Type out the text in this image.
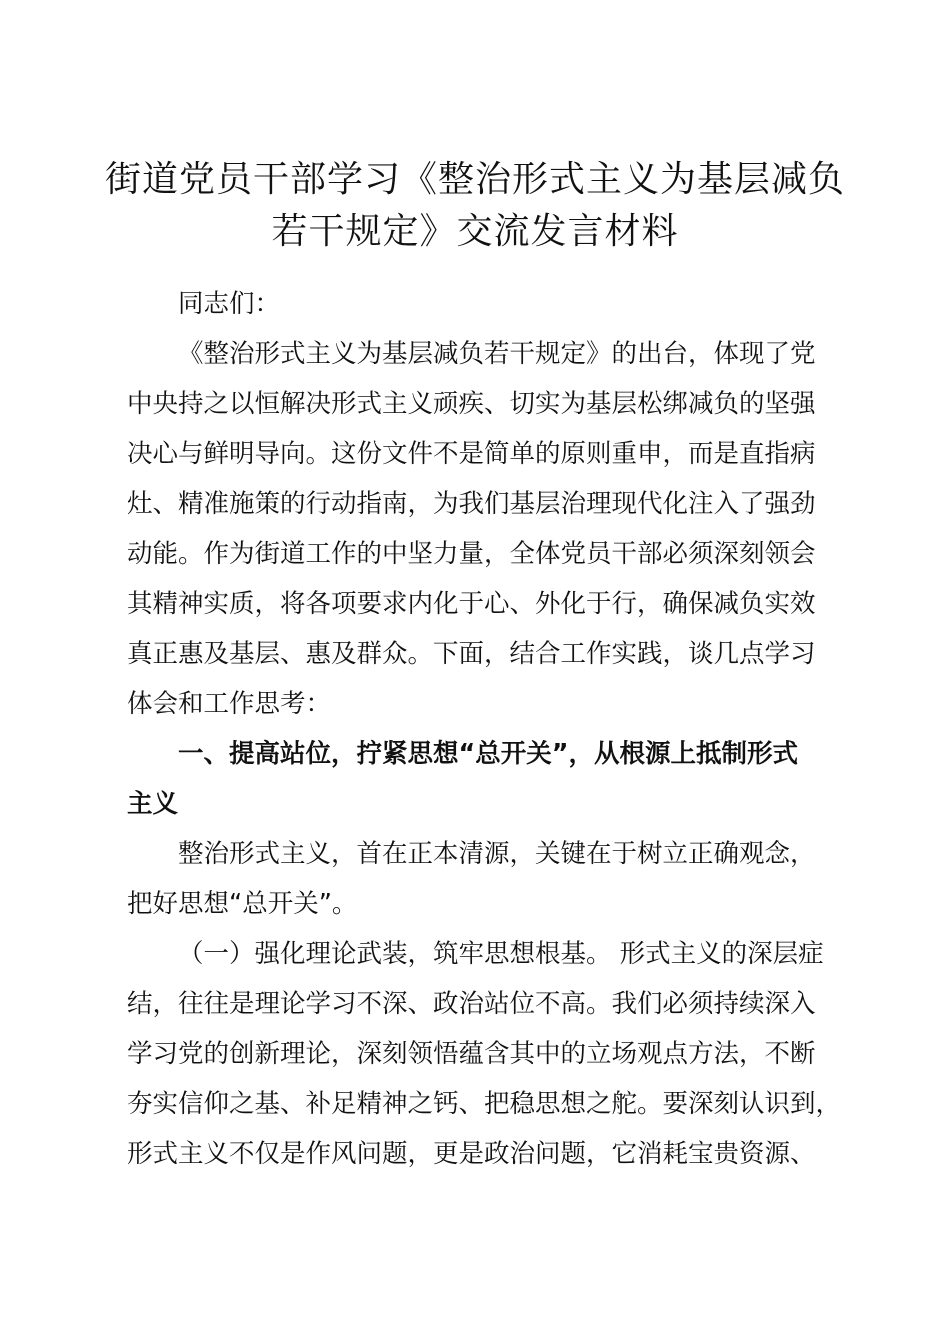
街道党员干部学习《整治形式主义为基层减负
若干规定》交流发言材料
同志们：
《整治形式主义为基层减负若干规定》的出台，体现了党
中央持之以恒解决形式主义顽疾、切实为基层松绑减负的坚强
决心与鲜明导向。这份文件不是简单的原则重申，而是直指病
灶、精准施策的行动指南，为我们基层治理现代化注入了强劲
动能。作为街道工作的中坚力量，全体党员干部必须深刻领会
其精神实质，将各项要求内化于心、外化于行，确保减负实效
真正惠及基层、惠及群众。下面，结合工作实践，谈几点学习
体会和工作思考：
一、提高站位，拧紧思想“总开关”，从根源上抵制形式
主义
整治形式主义，首在正本清源，关键在于树立正确观念，
把好思想“总开关”。
（一）强化理论武装，筑牢思想根基。 形式主义的深层症
结，往往是理论学习不深、政治站位不高。我们必须持续深入
学习党的创新理论，深刻领悟蕴含其中的立场观点方法，不断
夯实信仰之基、补足精神之钙、把稳思想之舵。要深刻认识到，
形式主义不仅是作风问题，更是政治问题，它消耗宝贵资源、
